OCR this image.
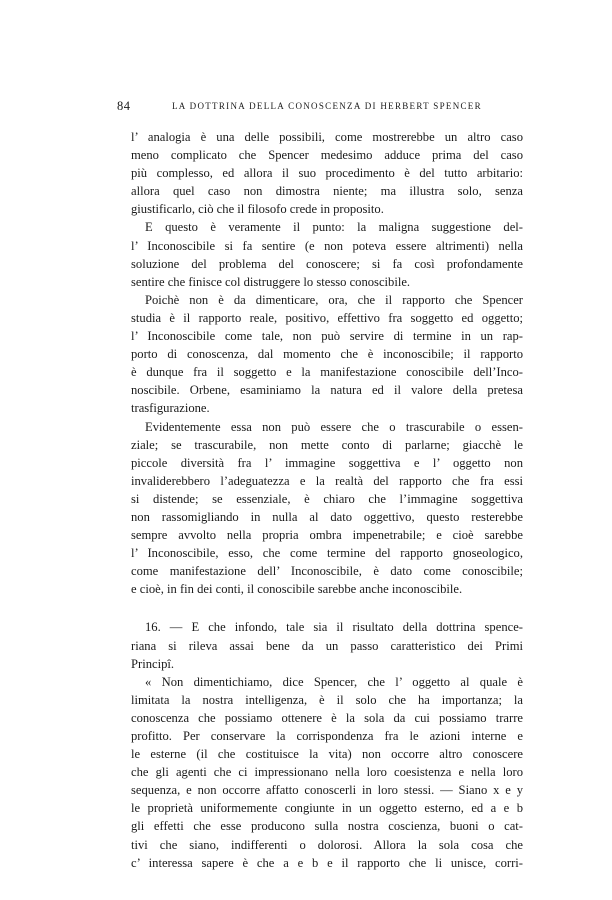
84	LA DOTTRINA DELLA CONOSCENZA DI HERBERT SPENCER
l’ analogia è una delle possibili, come mostrerebbe un altro caso
meno complicato che Spencer medesimo adduce prima del caso
più complesso, ed allora il suo procedimento è del tutto arbitario:
allora quel caso non dimostra niente; ma illustra solo, senza
giustificarlo, ciò che il filosofo crede in proposito.
E questo è veramente il punto: la maligna suggestione del-
l’ Inconoscibile si fa sentire (e non poteva essere altrimenti) nella
soluzione del problema del conoscere; si fa così profondamente
sentire che finisce col distruggere lo stesso conoscibile.
Poichè non è da dimenticare, ora, che il rapporto che Spencer
studia è il rapporto reale, positivo, effettivo fra soggetto ed oggetto;
l’ Inconoscibile come tale, non può servire di termine in un rap-
porto di conoscenza, dal momento che è inconoscibile; il rapporto
è dunque fra il soggetto e la manifestazione conoscibile dell’Inco-
noscibile. Orbene, esaminiamo la natura ed il valore della pretesa
trasfigurazione.
Evidentemente essa non può essere che o trascurabile o essen-
ziale; se trascurabile, non mette conto di parlarne; giacchè le
piccole diversità fra l’ immagine soggettiva e l’ oggetto non
invaliderebbero l’adeguatezza e la realtà del rapporto che fra essi
si distende; se essenziale, è chiaro che l’immagine soggettiva
non rassomigliando in nulla al dato oggettivo, questo resterebbe
sempre avvolto nella propria ombra impenetrabile; e cioè sarebbe
l’ Inconoscibile, esso, che come termine del rapporto gnoseologico,
come manifestazione dell’ Inconoscibile, è dato come conoscibile;
e cioè, in fin dei conti, il conoscibile sarebbe anche inconoscibile.
16. — E che infondo, tale sia il risultato della dottrina spence-
riana si rileva assai bene da un passo caratteristico dei Primi
Principî.
« Non dimentichiamo, dice Spencer, che l’ oggetto al quale è
limitata la nostra intelligenza, è il solo che ha importanza; la
conoscenza che possiamo ottenere è la sola da cui possiamo trarre
profitto. Per conservare la corrispondenza fra le azioni interne e
le esterne (il che costituisce la vita) non occorre altro conoscere
che gli agenti che ci impressionano nella loro coesistenza e nella loro
sequenza, e non occorre affatto conoscerli in loro stessi. — Siano x e y
le proprietà uniformemente congiunte in un oggetto esterno, ed a e b
gli effetti che esse producono sulla nostra coscienza, buoni o cat-
tivi che siano, indifferenti o dolorosi. Allora la sola cosa che
c’ interessa sapere è che a e b e il rapporto che li unisce, corri-
